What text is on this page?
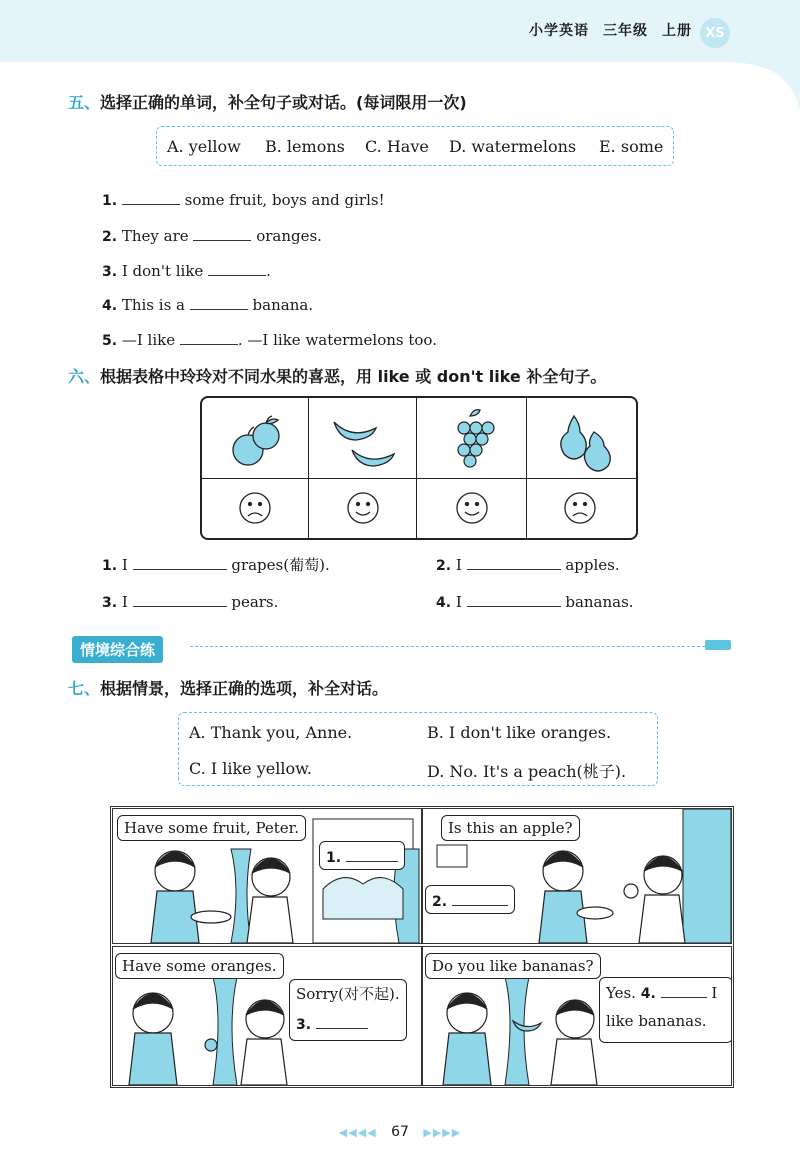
小学英语 三年级 上册	XS
五、选择正确的单词，补全句子或对话。(每词限用一次)
A. yellow B. lemons C. Have D. watermelons E. some
1.	some fruit, boys and girls!
2. They are	oranges.
3. I don't like	.
4. This is a	banana.
5. —I like	. —I like watermelons too.
六、根据表格中玲玲对不同水果的喜恶，用 like 或 don't like 补全句子。
1. I	grapes(葡萄).	2. I	apples.
3. I	pears.	4. I	bananas.
情境综合练
七、根据情景，选择正确的选项，补全对话。
A. Thank you, Anne.	B. I don't like oranges.
C. I like yellow.	D. No. It's a peach(桃子).
Have some fruit, Peter.
1.
Is this an apple?
2.
Have some oranges.
Sorry(对不起).
3.
Do you like bananas?
Yes. 4.	I
like bananas.
◀◀◀◀ 67 ▶▶▶▶
